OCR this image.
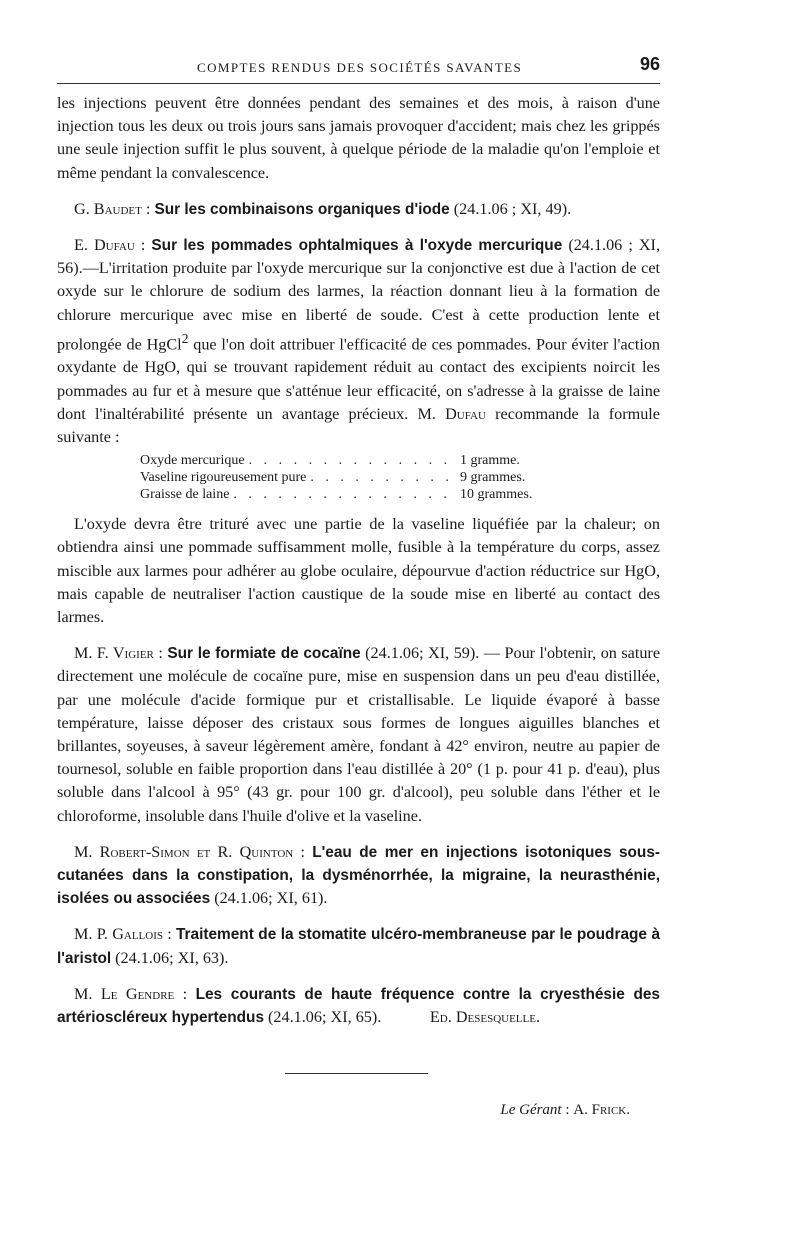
COMPTES RENDUS DES SOCIÉTÉS SAVANTES	96

les injections peuvent être données pendant des semaines et des mois, à raison d'une injection tous les deux ou trois jours sans jamais provoquer d'accident; mais chez les grippés une seule injection suffit le plus souvent, à quelque période de la maladie qu'on l'emploie et même pendant la convalescence.

G. Baudet : Sur les combinaisons organiques d'iode (24.1.06 ; XI, 49).

E. Dufau : Sur les pommades ophtalmiques à l'oxyde mercurique (24.1.06 ; XI, 56).—L'irritation produite par l'oxyde mercurique sur la conjonctive est due à l'action de cet oxyde sur le chlorure de sodium des larmes, la réaction donnant lieu à la formation de chlorure mercurique avec mise en liberté de soude. C'est à cette production lente et prolongée de HgCl$^2$ que l'on doit attribuer l'efficacité de ces pommades. Pour éviter l'action oxydante de HgO, qui se trouvant rapidement réduit au contact des excipients noircit les pommades au fur et à mesure que s'atténue leur efficacité, on s'adresse à la graisse de laine dont l'inaltérabilité présente un avantage précieux. M. Dufau recommande la formule suivante :

Oxyde mercurique . . .	1 gramme.
Vaseline rigoureusement pure . . .	9 grammes.
Graisse de laine . . .	10 grammes.

L'oxyde devra être trituré avec une partie de la vaseline liquéfiée par la chaleur; on obtiendra ainsi une pommade suffisamment molle, fusible à la température du corps, assez miscible aux larmes pour adhérer au globe oculaire, dépourvue d'action réductrice sur HgO, mais capable de neutraliser l'action caustique de la soude mise en liberté au contact des larmes.

M. F. Vigier : Sur le formiate de cocaïne (24.1.06; XI, 59). — Pour l'obtenir, on sature directement une molécule de cocaïne pure, mise en suspension dans un peu d'eau distillée, par une molécule d'acide formique pur et cristallisable. Le liquide évaporé à basse température, laisse déposer des cristaux sous formes de longues aiguilles blanches et brillantes, soyeuses, à saveur légèrement amère, fondant à 42° environ, neutre au papier de tournesol, soluble en faible proportion dans l'eau distillée à 20° (1 p. pour 41 p. d'eau), plus soluble dans l'alcool à 95° (43 gr. pour 100 gr. d'alcool), peu soluble dans l'éther et le chloroforme, insoluble dans l'huile d'olive et la vaseline.

M. Robert-Simon et R. Quinton : L'eau de mer en injections isotoniques sous-cutanées dans la constipation, la dysménorrhée, la migraine, la neurasthénie, isolées ou associées (24.1.06; XI, 61).

M. P. Gallois : Traitement de la stomatite ulcéro-membraneuse par le poudrage à l'aristol (24.1.06; XI, 63).

M. Le Gendre : Les courants de haute fréquence contre la cryesthésie des artérioscléreux hypertendus (24.1.06; XI, 65).	Ed. Desesquelle.

Le Gérant : A. Frick.
